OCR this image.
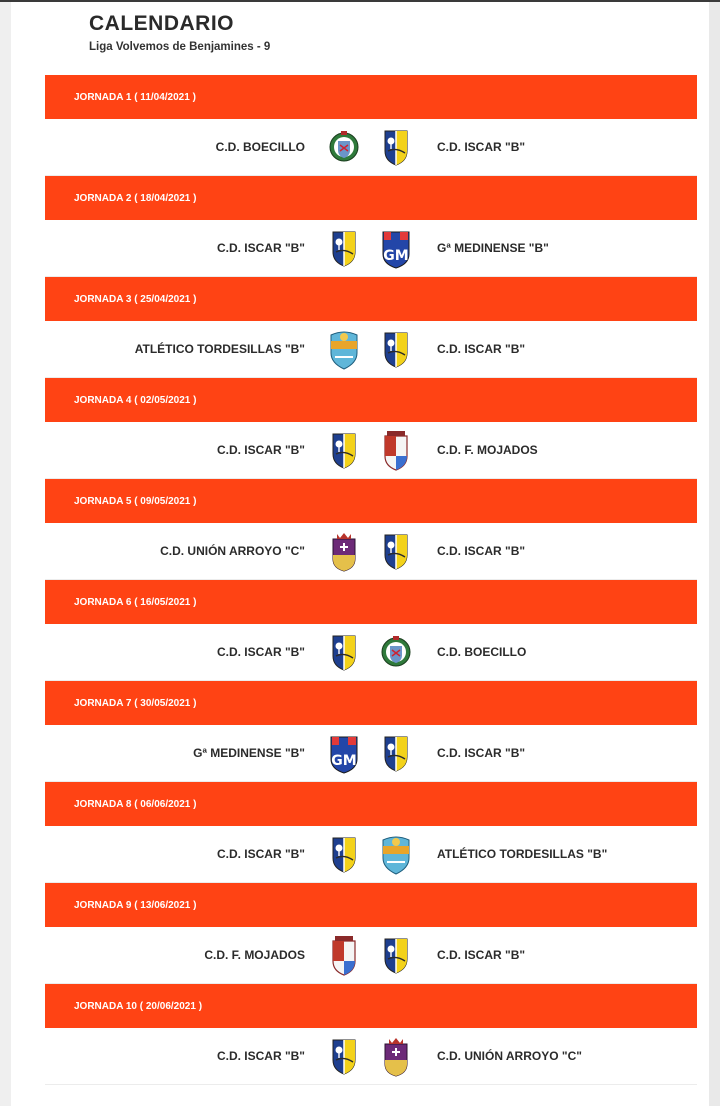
CALENDARIO
Liga Volvemos de Benjamines - 9
JORNADA 1 ( 11/04/2021 )
C.D. BOECILLO	C.D. ISCAR "B"
JORNADA 2 ( 18/04/2021 )
C.D. ISCAR "B"	GM Gª MEDINENSE "B"
JORNADA 3 ( 25/04/2021 )
ATLÉTICO TORDESILLAS "B"	C.D. ISCAR "B"
JORNADA 4 ( 02/05/2021 )
C.D. ISCAR "B"	C.D. F. MOJADOS
JORNADA 5 ( 09/05/2021 )
C.D. UNIÓN ARROYO "C"	C.D. ISCAR "B"
JORNADA 6 ( 16/05/2021 )
C.D. ISCAR "B"	C.D. BOECILLO
JORNADA 7 ( 30/05/2021 )
Gª MEDINENSE "B" GM	C.D. ISCAR "B"
JORNADA 8 ( 06/06/2021 )
C.D. ISCAR "B"	ATLÉTICO TORDESILLAS "B"
JORNADA 9 ( 13/06/2021 )
C.D. F. MOJADOS	C.D. ISCAR "B"
JORNADA 10 ( 20/06/2021 )
C.D. ISCAR "B"	C.D. UNIÓN ARROYO "C"
